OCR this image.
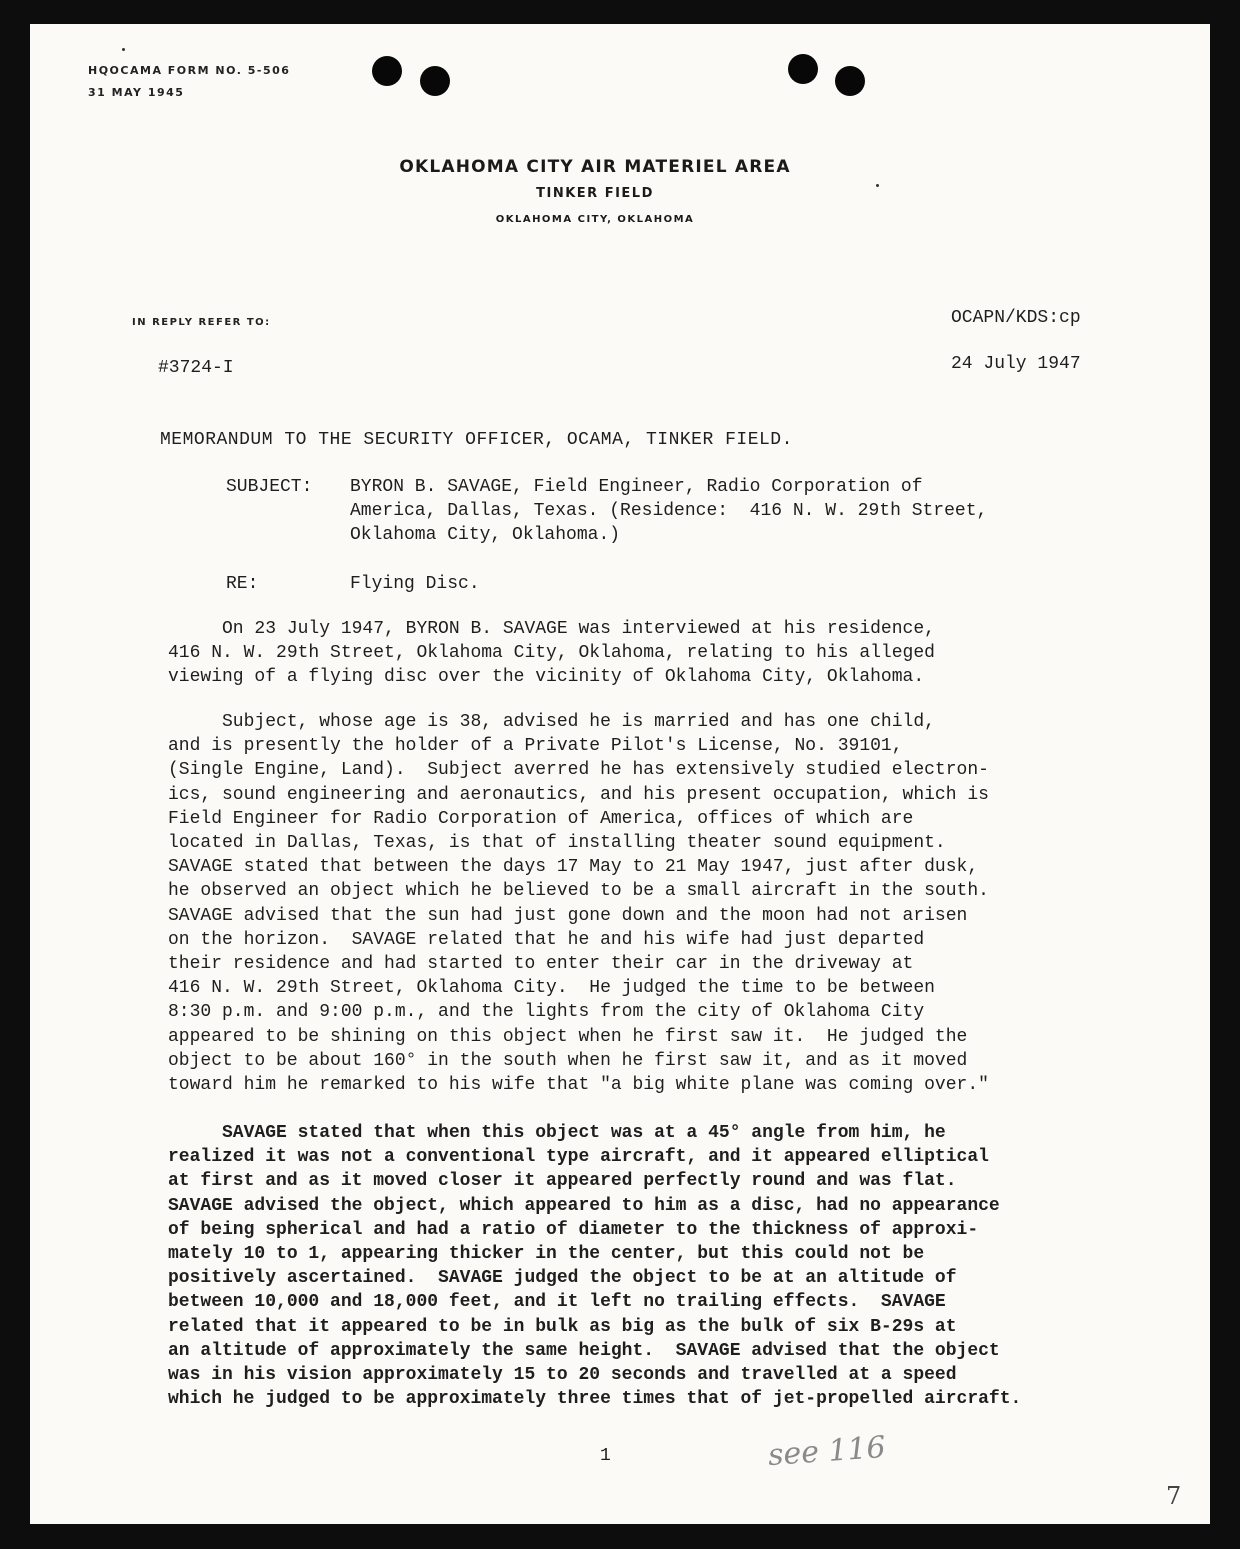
HQOCAMA FORM NO. 5-506
31 MAY 1945
OKLAHOMA CITY AIR MATERIEL AREA
TINKER FIELD
OKLAHOMA CITY, OKLAHOMA
IN REPLY REFER TO:
#3724-I
OCAPN/KDS:cp
24 July 1947
MEMORANDUM TO THE SECURITY OFFICER, OCAMA, TINKER FIELD.
SUBJECT: BYRON B. SAVAGE, Field Engineer, Radio Corporation of
America, Dallas, Texas. (Residence:  416 N. W. 29th Street,
Oklahoma City, Oklahoma.)
RE:	Flying Disc.
On 23 July 1947, BYRON B. SAVAGE was interviewed at his residence,
416 N. W. 29th Street, Oklahoma City, Oklahoma, relating to his alleged
viewing of a flying disc over the vicinity of Oklahoma City, Oklahoma.
Subject, whose age is 38, advised he is married and has one child,
and is presently the holder of a Private Pilot's License, No. 39101,
(Single Engine, Land).  Subject averred he has extensively studied electron-
ics, sound engineering and aeronautics, and his present occupation, which is
Field Engineer for Radio Corporation of America, offices of which are
located in Dallas, Texas, is that of installing theater sound equipment.
SAVAGE stated that between the days 17 May to 21 May 1947, just after dusk,
he observed an object which he believed to be a small aircraft in the south.
SAVAGE advised that the sun had just gone down and the moon had not arisen
on the horizon.  SAVAGE related that he and his wife had just departed
their residence and had started to enter their car in the driveway at
416 N. W. 29th Street, Oklahoma City.  He judged the time to be between
8:30 p.m. and 9:00 p.m., and the lights from the city of Oklahoma City
appeared to be shining on this object when he first saw it.  He judged the
object to be about 160° in the south when he first saw it, and as it moved
toward him he remarked to his wife that "a big white plane was coming over."
SAVAGE stated that when this object was at a 45° angle from him, he
realized it was not a conventional type aircraft, and it appeared elliptical
at first and as it moved closer it appeared perfectly round and was flat.
SAVAGE advised the object, which appeared to him as a disc, had no appearance
of being spherical and had a ratio of diameter to the thickness of approxi-
mately 10 to 1, appearing thicker in the center, but this could not be
positively ascertained.  SAVAGE judged the object to be at an altitude of
between 10,000 and 18,000 feet, and it left no trailing effects.  SAVAGE
related that it appeared to be in bulk as big as the bulk of six B-29s at
an altitude of approximately the same height.  SAVAGE advised that the object
was in his vision approximately 15 to 20 seconds and travelled at a speed
which he judged to be approximately three times that of jet-propelled aircraft.
1	see 116
7
